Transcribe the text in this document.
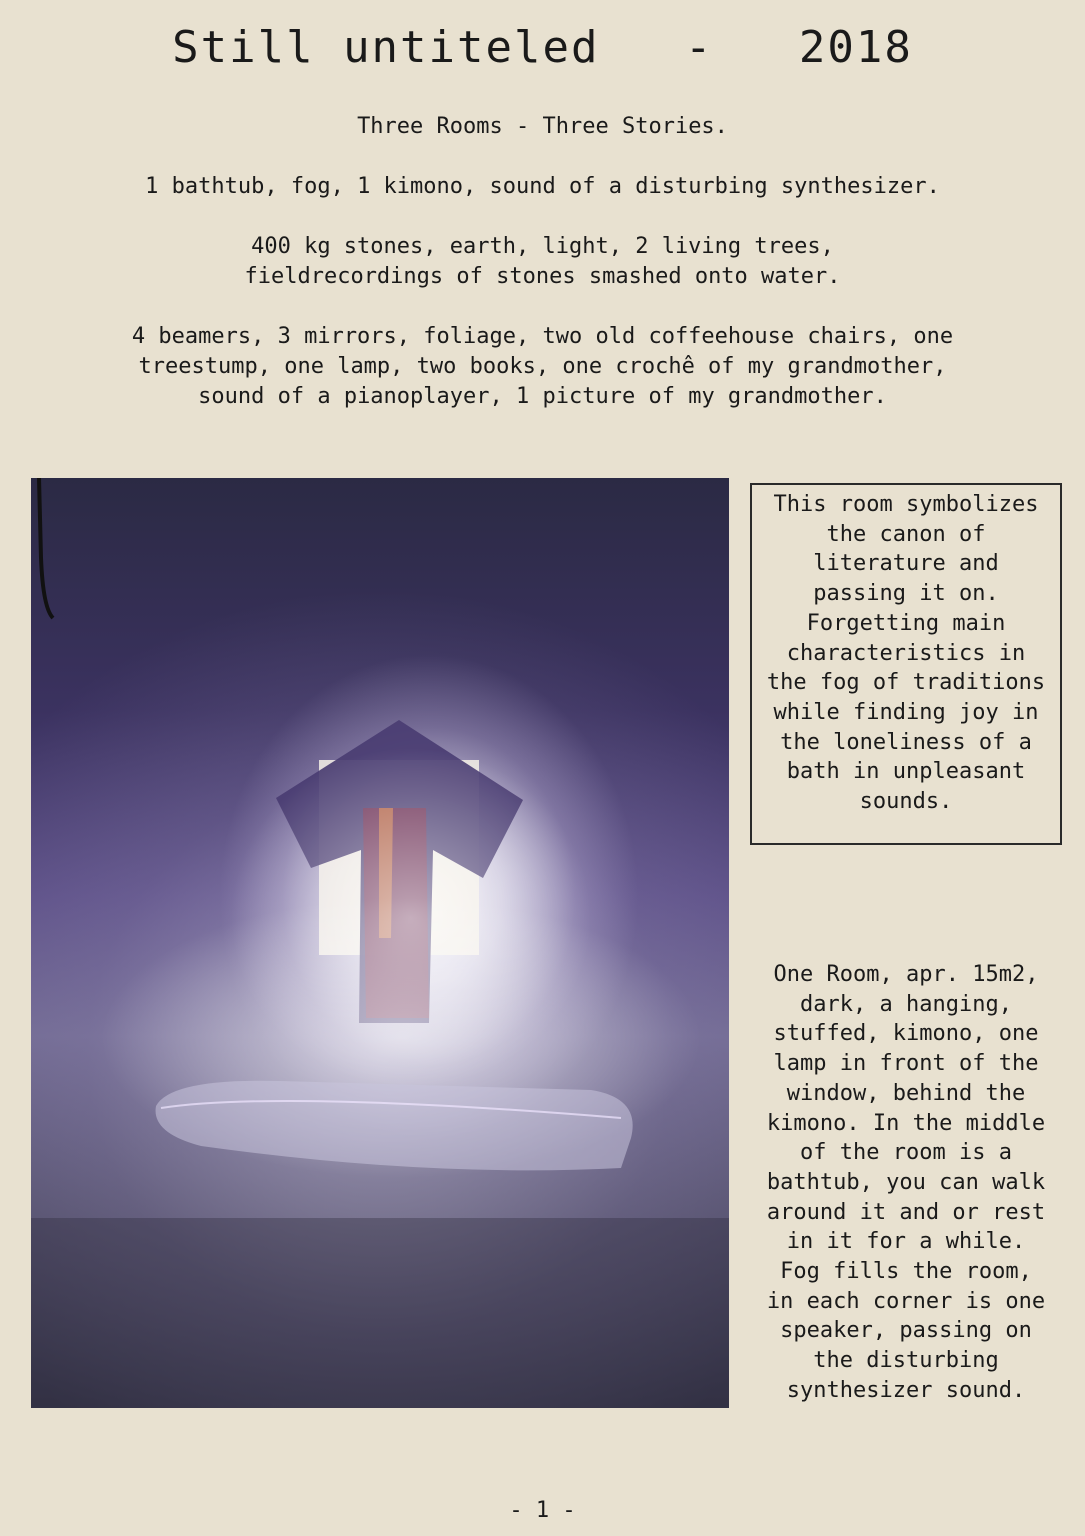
Still untiteled   -   2018

Three Rooms - Three Stories.

1 bathtub, fog, 1 kimono, sound of a disturbing synthesizer.

400 kg stones, earth, light, 2 living trees,
fieldrecordings of stones smashed onto water.

4 beamers, 3 mirrors, foliage, two old coffeehouse chairs, one
treestump, one lamp, two books, one crochê of my grandmother,
sound of a pianoplayer, 1 picture of my grandmother.

This room symbolizes
the canon of
literature and
passing it on.
Forgetting main
characteristics in
the fog of traditions
while finding joy in
the loneliness of a
bath in unpleasant
sounds.
One Room, apr. 15m2,
dark, a hanging,
stuffed, kimono, one
lamp in front of the
window, behind the
kimono. In the middle
of the room is a
bathtub, you can walk
around it and or rest
in it for a while.
Fog fills the room,
in each corner is one
speaker, passing on
the disturbing
synthesizer sound.
- 1 -
